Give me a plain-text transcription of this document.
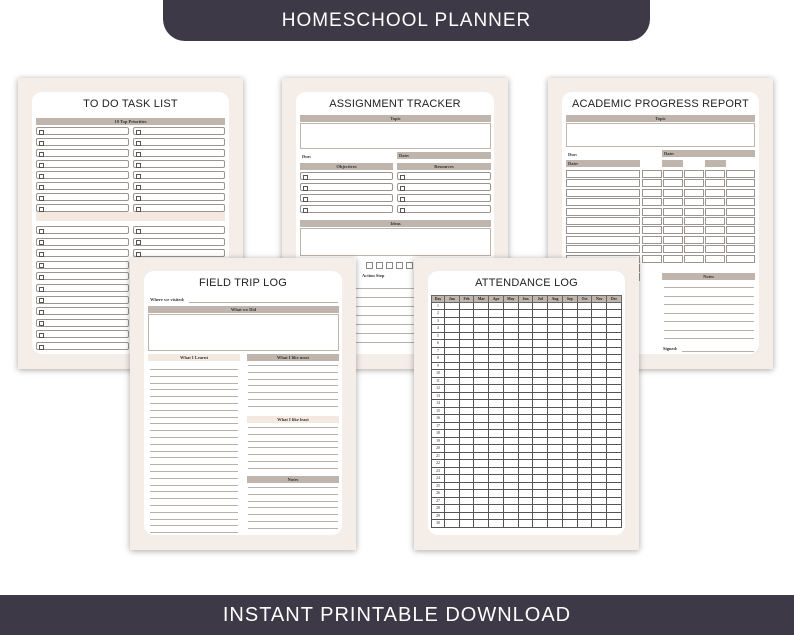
HOMESCHOOL PLANNER
TO DO TASK LIST
10 Top Priorities
ASSIGNMENT TRACKER
Topic
Due:	Date:
Objectives	Resources
Ideas
Action Step
ACADEMIC PROGRESS REPORT
Topic
Due:	Date:
Date:
Notes
Signed:
FIELD TRIP LOG
Where we visited:
What we Did
What I Learnt	What I like most
What I like least
Notes
ATTENDANCE LOG
Day	Jan	Feb	Mar	Apr	May	Jun	Jul	Aug	Sep	Oct	Nov	Dec
1												
2												
3												
4												
5												
6												
7												
8												
9												
10												
11												
12												
13												
14												
15												
16												
17												
18												
19												
20												
21												
22												
23												
24												
25												
26												
27												
28												
29												
30												
INSTANT PRINTABLE DOWNLOAD
